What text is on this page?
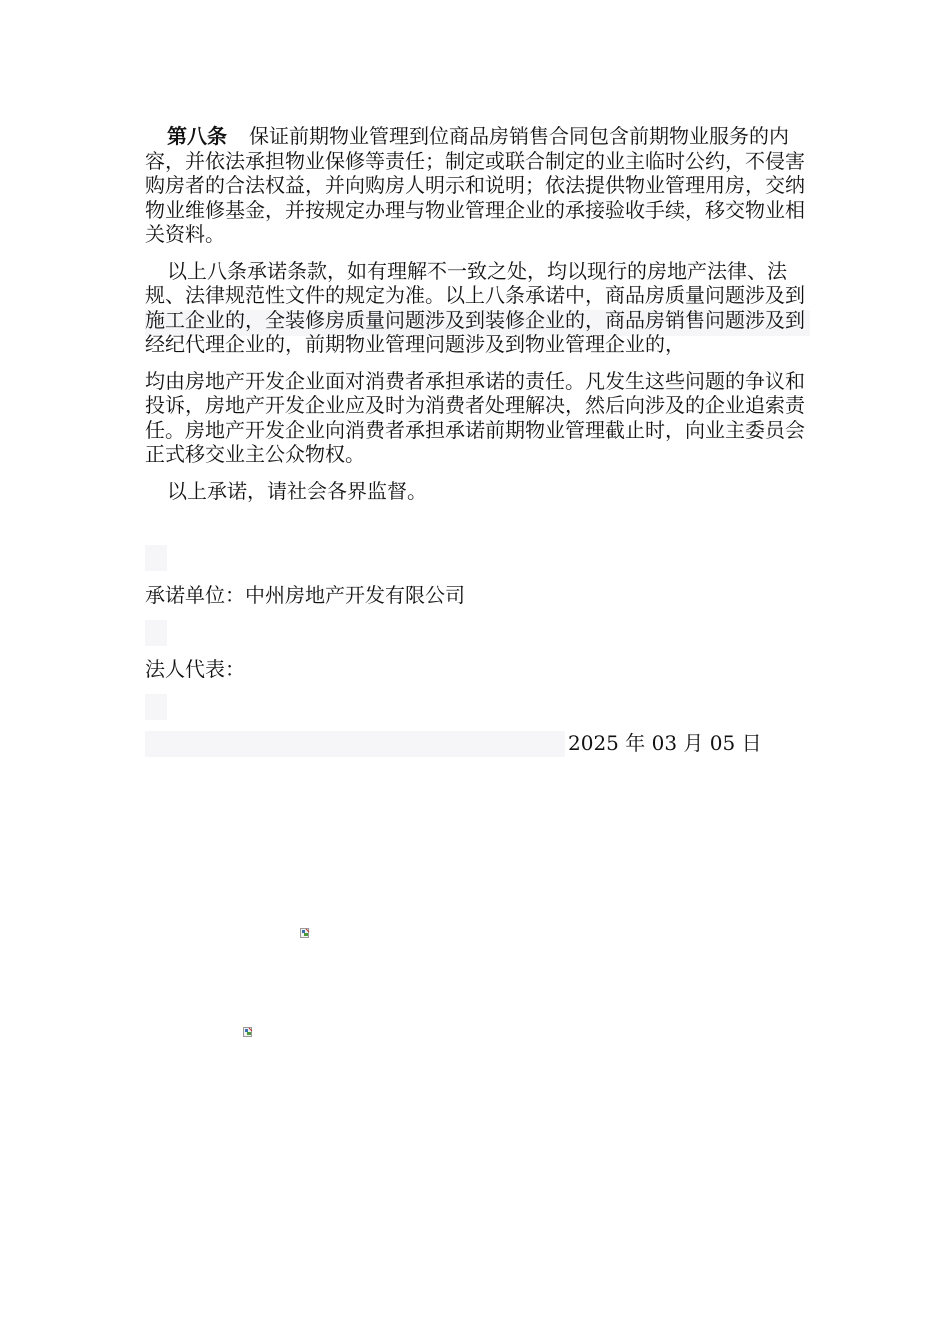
第八条 保证前期物业管理到位商品房销售合同包含前期物业服务的内容，并依法承担物业保修等责任；制定或联合制定的业主临时公约，不侵害购房者的合法权益，并向购房人明示和说明；依法提供物业管理用房，交纳物业维修基金，并按规定办理与物业管理企业的承接验收手续，移交物业相关资料。

以上八条承诺条款，如有理解不一致之处，均以现行的房地产法律、法规、法律规范性文件的规定为准。以上八条承诺中，商品房质量问题涉及到施工企业的，全装修房质量问题涉及到装修企业的，商品房销售问题涉及到经纪代理企业的，前期物业管理问题涉及到物业管理企业的，

均由房地产开发企业面对消费者承担承诺的责任。凡发生这些问题的争议和投诉，房地产开发企业应及时为消费者处理解决，然后向涉及的企业追索责任。房地产开发企业向消费者承担承诺前期物业管理截止时，向业主委员会正式移交业主公众物权。

以上承诺，请社会各界监督。

承诺单位：中州房地产开发有限公司
法人代表：
2025 年 03 月 05 日
